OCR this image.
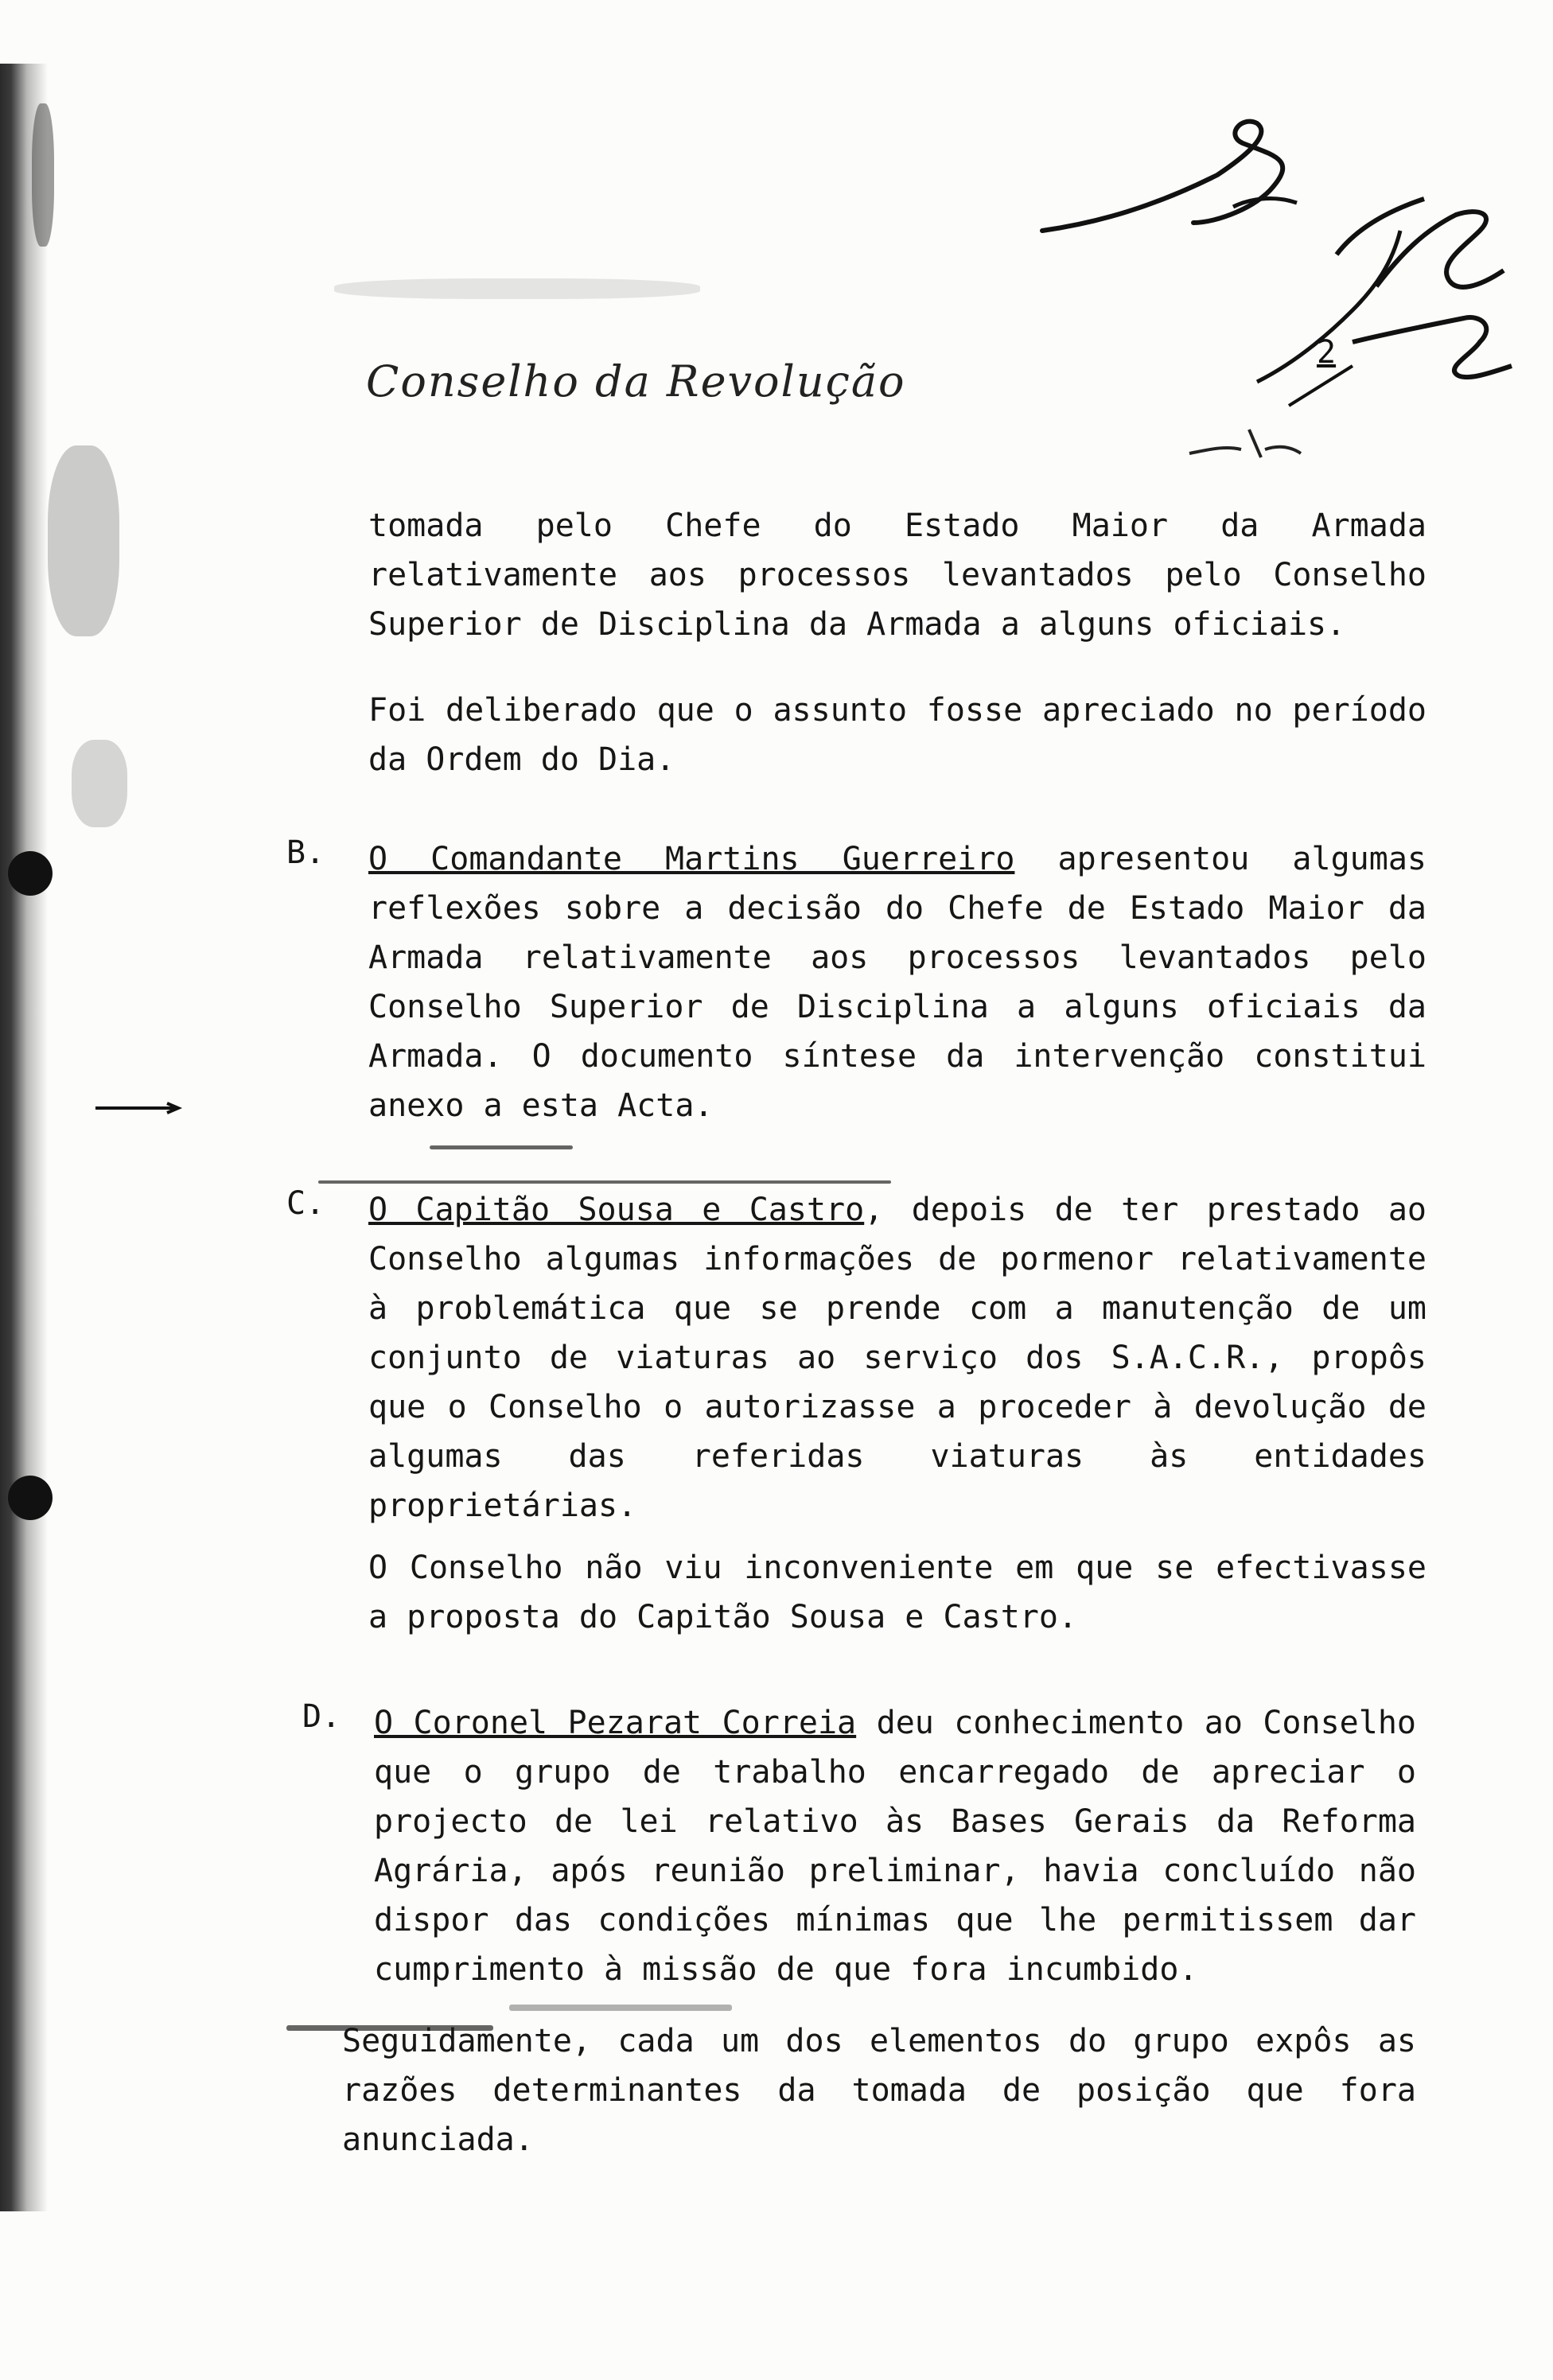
Conselho da Revolução
2

tomada pelo Chefe do Estado Maior da Armada relativamente aos processos levantados pelo Conselho Superior de Disciplina da Armada a alguns oficiais.

Foi deliberado que o assunto fosse apreciado no período da Ordem do Dia.

B. O Comandante Martins Guerreiro apresentou algumas reflexões sobre a decisão do Chefe de Estado Maior da Armada relativamente aos processos levantados pelo Conselho Superior de Disciplina a alguns oficiais da Armada. O documento síntese da intervenção constitui anexo a esta Acta.

C. O Capitão Sousa e Castro, depois de ter prestado ao Conselho algumas informações de pormenor relativamente à problemática que se prende com a manutenção de um conjunto de viaturas ao serviço dos S.A.C.R., propôs que o Conselho o autorizasse a proceder à devolução de algumas das referidas viaturas às entidades proprietárias.

O Conselho não viu inconveniente em que se efectivasse a proposta do Capitão Sousa e Castro.

D. O Coronel Pezarat Correia deu conhecimento ao Conselho que o grupo de trabalho encarregado de apreciar o projecto de lei relativo às Bases Gerais da Reforma Agrária, após reunião preliminar, havia concluído não dispor das condições mínimas que lhe permitissem dar cumprimento à missão de que fora incumbido.

Seguidamente, cada um dos elementos do grupo expôs as razões determinantes da tomada de posição que fora anunciada.
